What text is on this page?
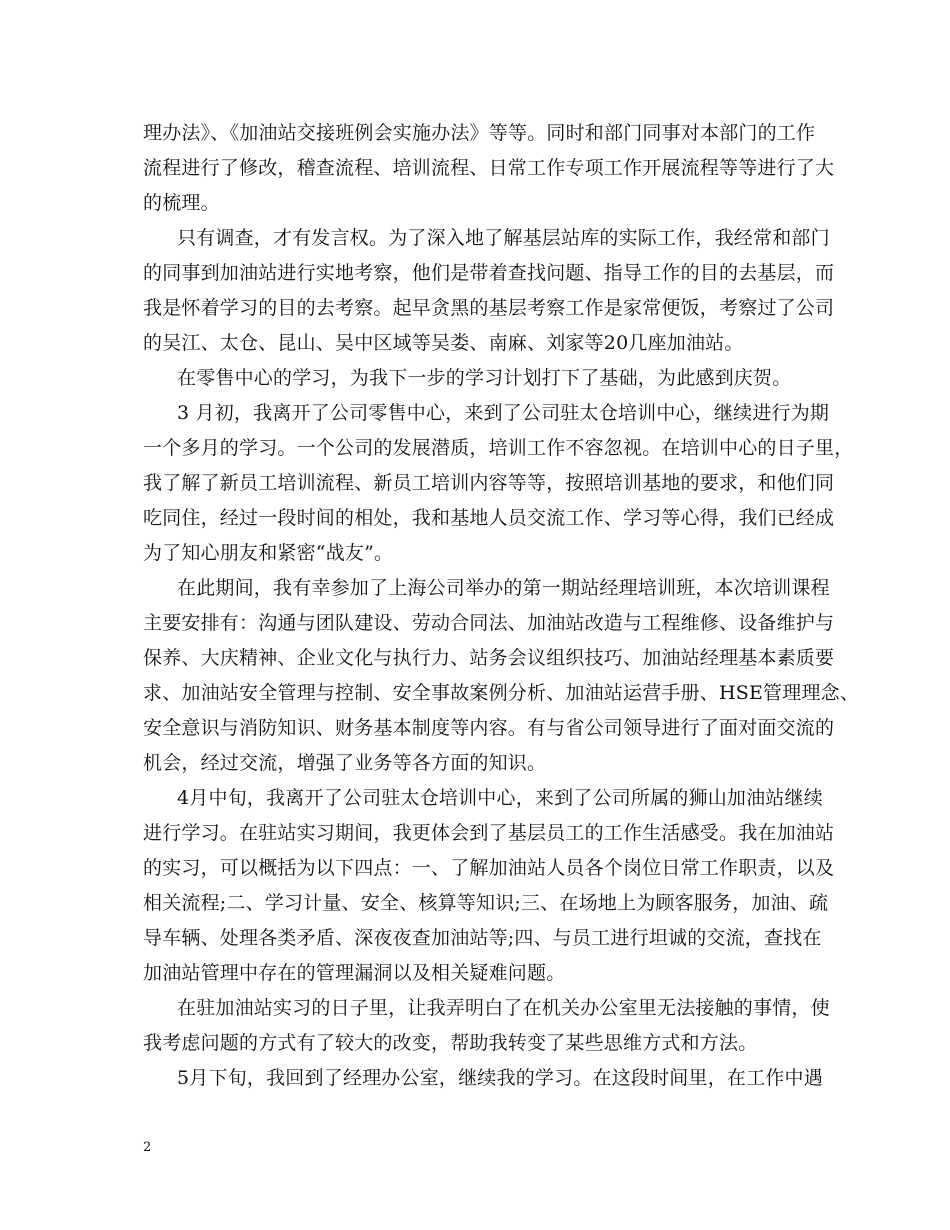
理办法》、《加油站交接班例会实施办法》等等。同时和部门同事对本部门的工作
流程进行了修改，稽查流程、培训流程、日常工作专项工作开展流程等等进行了大
的梳理。
只有调查，才有发言权。为了深入地了解基层站库的实际工作，我经常和部门
的同事到加油站进行实地考察，他们是带着查找问题、指导工作的目的去基层，而
我是怀着学习的目的去考察。起早贪黑的基层考察工作是家常便饭，考察过了公司
的吴江、太仓、昆山、吴中区域等吴娄、南麻、刘家等20几座加油站。
在零售中心的学习，为我下一步的学习计划打下了基础，为此感到庆贺。
3 月初，我离开了公司零售中心，来到了公司驻太仓培训中心，继续进行为期
一个多月的学习。一个公司的发展潜质，培训工作不容忽视。在培训中心的日子里，
我了解了新员工培训流程、新员工培训内容等等，按照培训基地的要求，和他们同
吃同住，经过一段时间的相处，我和基地人员交流工作、学习等心得，我们已经成
为了知心朋友和紧密“战友”。
在此期间，我有幸参加了上海公司举办的第一期站经理培训班，本次培训课程
主要安排有：沟通与团队建设、劳动合同法、加油站改造与工程维修、设备维护与
保养、大庆精神、企业文化与执行力、站务会议组织技巧、加油站经理基本素质要
求、加油站安全管理与控制、安全事故案例分析、加油站运营手册、HSE管理理念、
安全意识与消防知识、财务基本制度等内容。有与省公司领导进行了面对面交流的
机会，经过交流，增强了业务等各方面的知识。
4月中旬，我离开了公司驻太仓培训中心，来到了公司所属的狮山加油站继续
进行学习。在驻站实习期间，我更体会到了基层员工的工作生活感受。我在加油站
的实习，可以概括为以下四点：一、了解加油站人员各个岗位日常工作职责，以及
相关流程;二、学习计量、安全、核算等知识;三、在场地上为顾客服务，加油、疏
导车辆、处理各类矛盾、深夜夜查加油站等;四、与员工进行坦诚的交流，查找在
加油站管理中存在的管理漏洞以及相关疑难问题。
在驻加油站实习的日子里，让我弄明白了在机关办公室里无法接触的事情，使
我考虑问题的方式有了较大的改变，帮助我转变了某些思维方式和方法。
5月下旬，我回到了经理办公室，继续我的学习。在这段时间里，在工作中遇
2
